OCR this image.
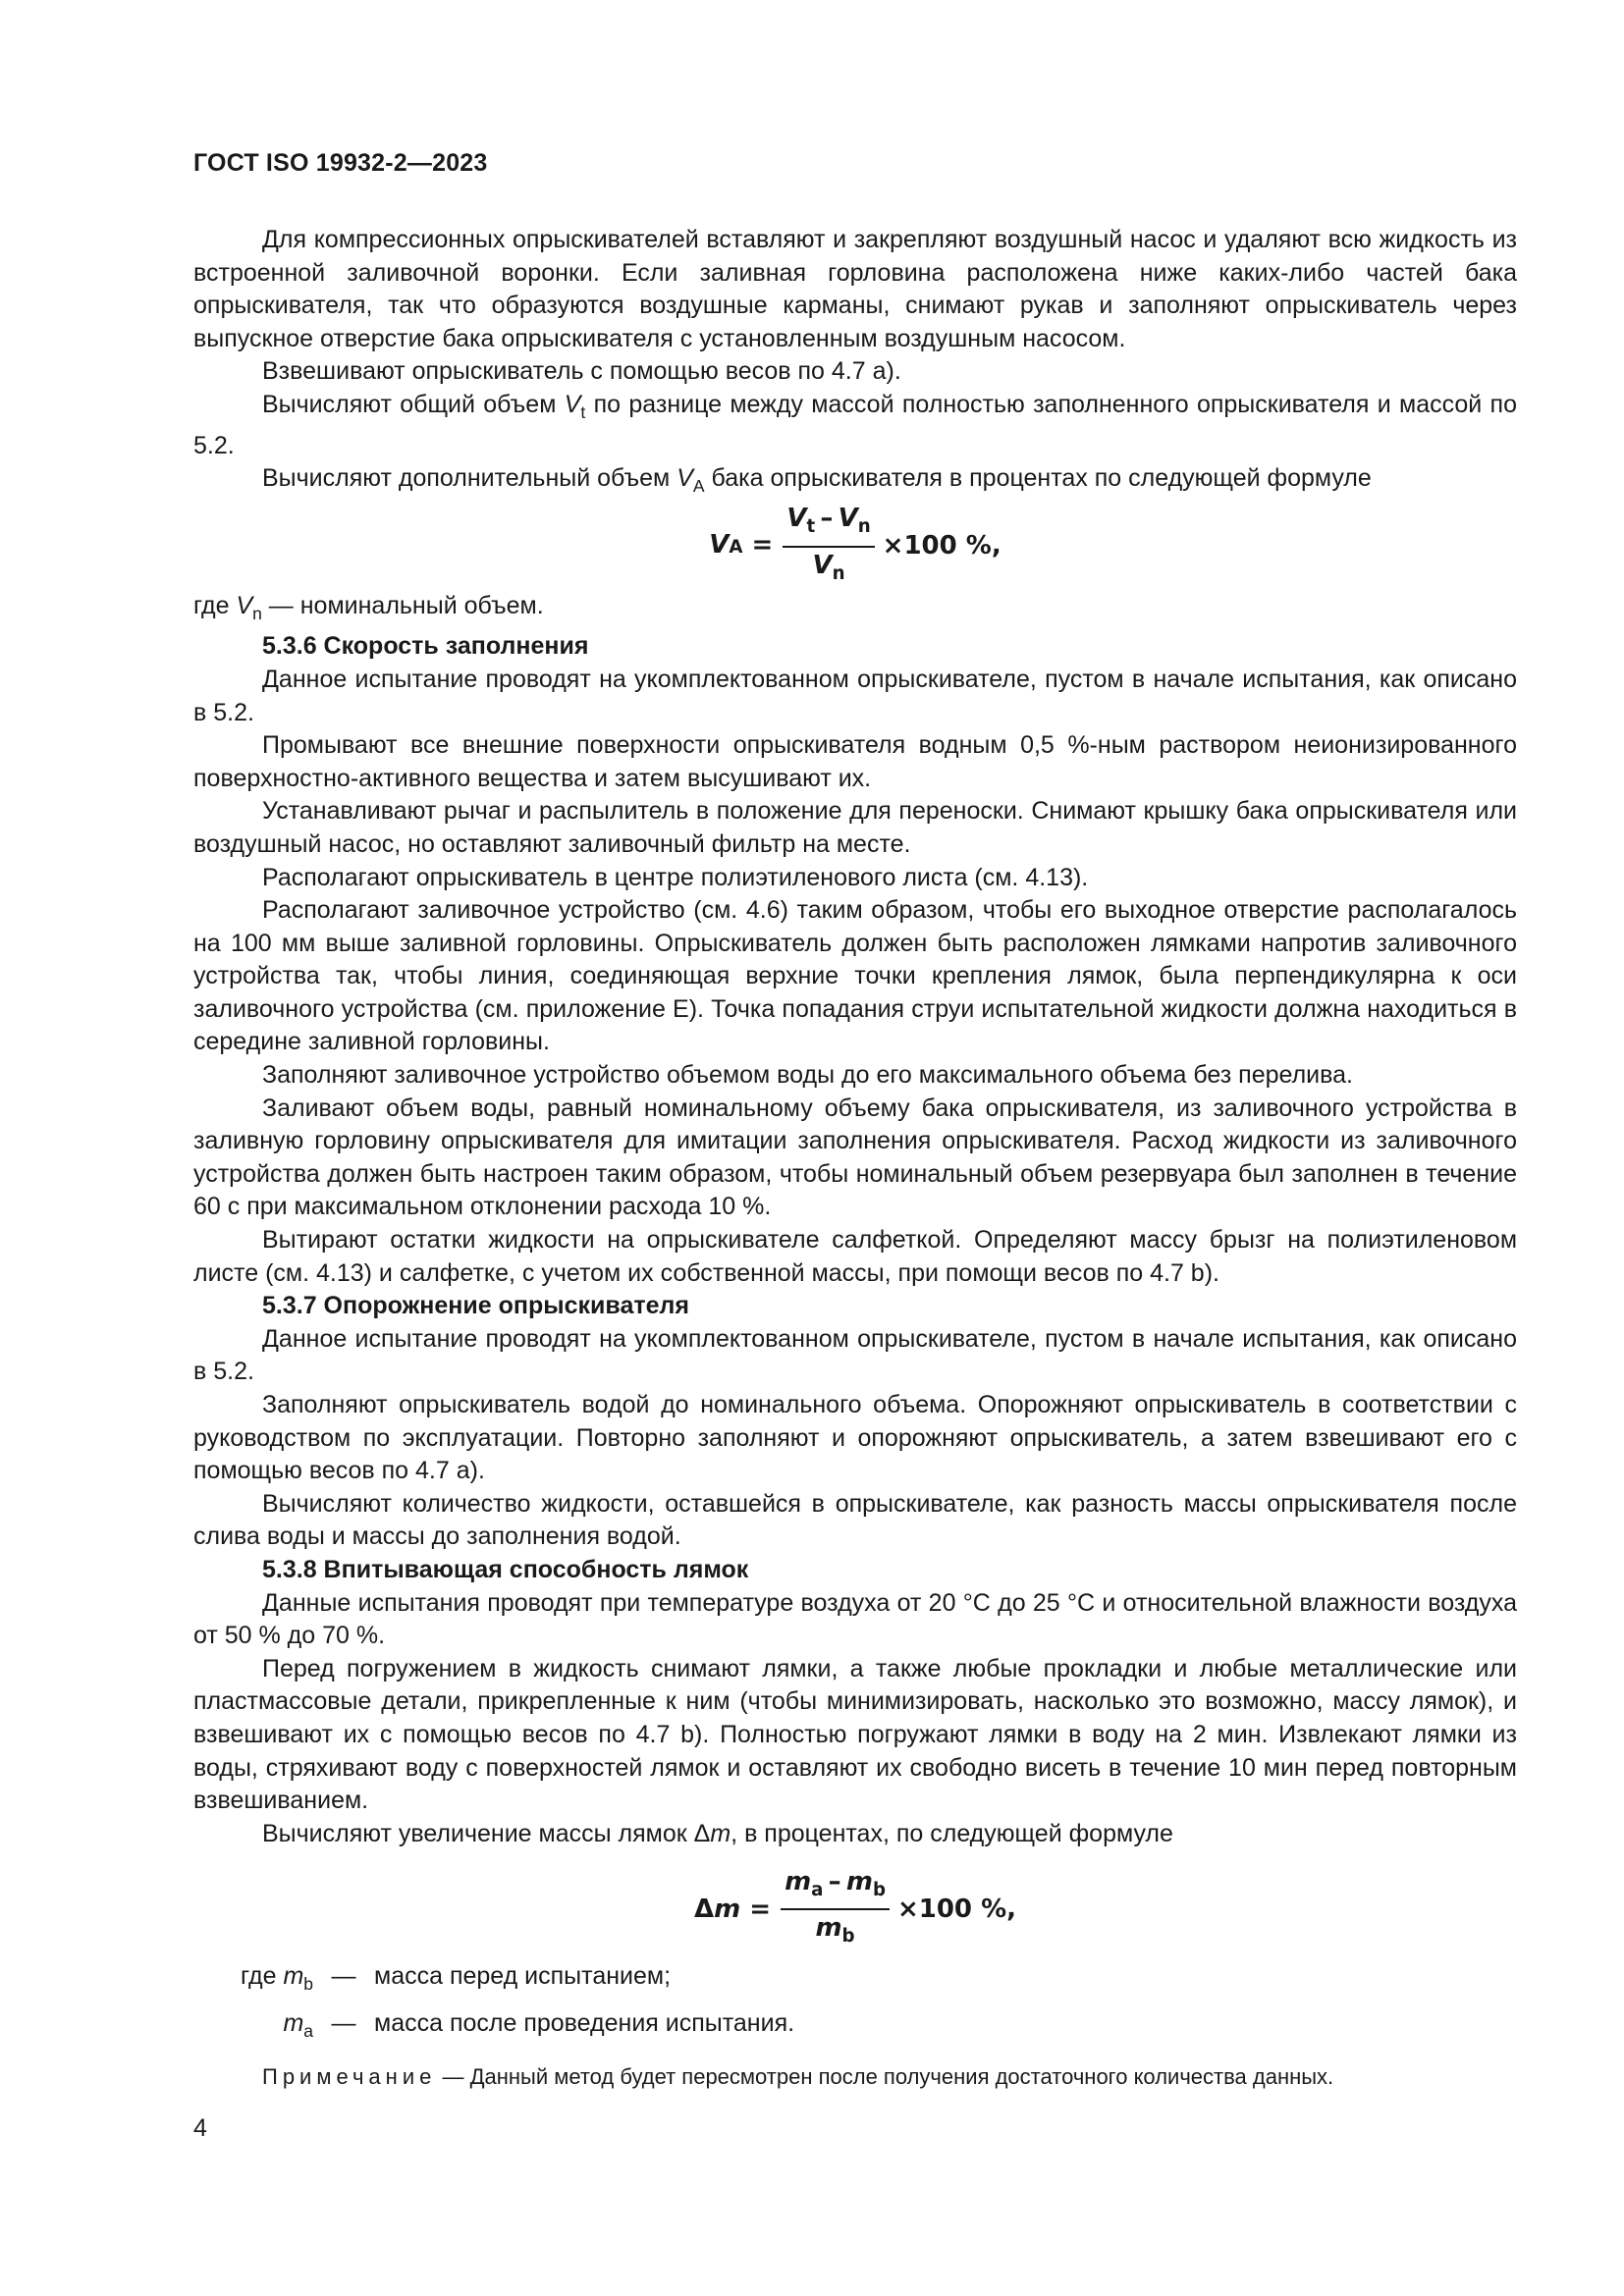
ГОСТ ISO 19932-2—2023

Для компрессионных опрыскивателей вставляют и закрепляют воздушный насос и удаляют всю жидкость из встроенной заливочной воронки. Если заливная горловина расположена ниже каких-либо частей бака опрыскивателя, так что образуются воздушные карманы, снимают рукав и заполняют опрыскиватель через выпускное отверстие бака опрыскивателя с установленным воздушным насосом.

Взвешивают опрыскиватель с помощью весов по 4.7 a).

Вычисляют общий объем $V_t$ по разнице между массой полностью заполненного опрыскивателя и массой по 5.2.

Вычисляют дополнительный объем $V_A$ бака опрыскивателя в процентах по следующей формуле

V A
= $\frac{V_t - V_n}{V_n} \times 100$ %,

где $V_n$ — номинальный объем.

5.3.6 Скорость заполнения

Данное испытание проводят на укомплектованном опрыскивателе, пустом в начале испытания, как описано в 5.2.

Промывают все внешние поверхности опрыскивателя водным 0,5 %-ным раствором неионизированного поверхностно-активного вещества и затем высушивают их.

Устанавливают рычаг и распылитель в положение для переноски. Снимают крышку бака опрыскивателя или воздушный насос, но оставляют заливочный фильтр на месте.

Располагают опрыскиватель в центре полиэтиленового листа (см. 4.13).

Располагают заливочное устройство (см. 4.6) таким образом, чтобы его выходное отверстие располагалось на 100 мм выше заливной горловины. Опрыскиватель должен быть расположен лямками напротив заливочного устройства так, чтобы линия, соединяющая верхние точки крепления лямок, была перпендикулярна к оси заливочного устройства (см. приложение Е). Точка попадания струи испытательной жидкости должна находиться в середине заливной горловины.

Заполняют заливочное устройство объемом воды до его максимального объема без перелива.

Заливают объем воды, равный номинальному объему бака опрыскивателя, из заливочного устройства в заливную горловину опрыскивателя для имитации заполнения опрыскивателя. Расход жидкости из заливочного устройства должен быть настроен таким образом, чтобы номинальный объем резервуара был заполнен в течение 60 с при максимальном отклонении расхода 10 %.

Вытирают остатки жидкости на опрыскивателе салфеткой. Определяют массу брызг на полиэтиленовом листе (см. 4.13) и салфетке, с учетом их собственной массы, при помощи весов по 4.7 b).

5.3.7 Опорожнение опрыскивателя

Данное испытание проводят на укомплектованном опрыскивателе, пустом в начале испытания, как описано в 5.2.

Заполняют опрыскиватель водой до номинального объема. Опорожняют опрыскиватель в соответствии с руководством по эксплуатации. Повторно заполняют и опорожняют опрыскиватель, а затем взвешивают его с помощью весов по 4.7 a).

Вычисляют количество жидкости, оставшейся в опрыскивателе, как разность массы опрыскивателя после слива воды и массы до заполнения водой.

5.3.8 Впитывающая способность лямок

Данные испытания проводят при температуре воздуха от 20 °C до 25 °C и относительной влажности воздуха от 50 % до 70 %.

Перед погружением в жидкость снимают лямки, а также любые прокладки и любые металлические или пластмассовые детали, прикрепленные к ним (чтобы минимизировать, насколько это возможно, массу лямок), и взвешивают их с помощью весов по 4.7 b). Полностью погружают лямки в воду на 2 мин. Извлекают лямки из воды, стряхивают воду с поверхностей лямок и оставляют их свободно висеть в течение 10 мин перед повторным взвешиванием.

Вычисляют увеличение массы лямок Δm, в процентах, по следующей формуле

Δ m
= $\frac{m_a - m_b}{m_b} \times 100$ %,
где $m_b$ — масса перед испытанием;
$m_a$ — масса после проведения испытания.
Примечание — Данный метод будет пересмотрен после получения достаточного количества данных.
4
